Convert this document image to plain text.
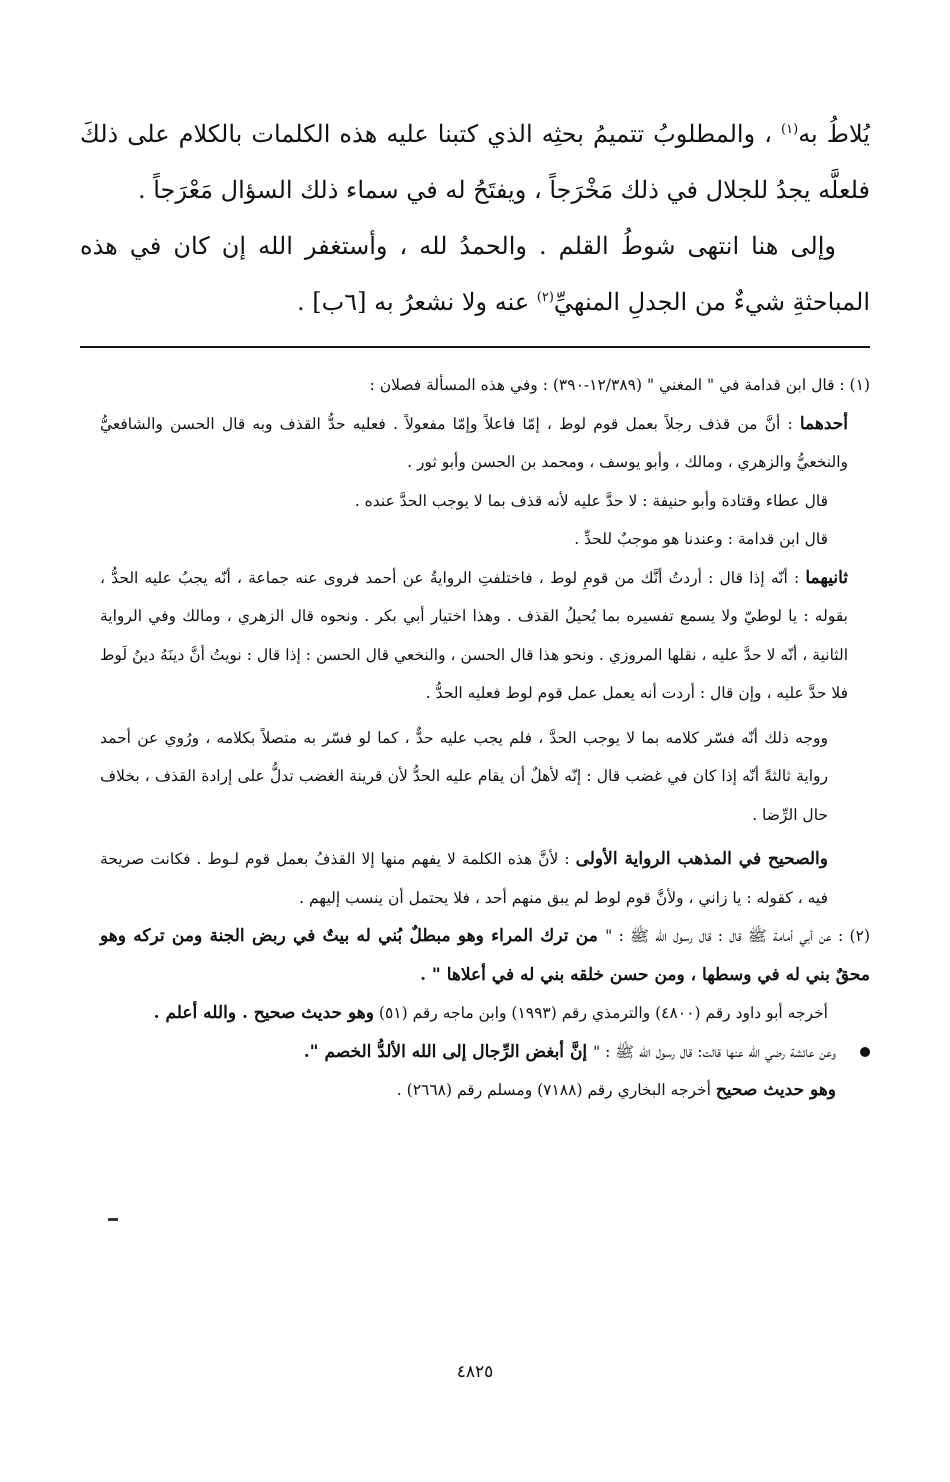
يُلاطُ به$^{(١)}$ ، والمطلوبُ تتميمُ بحثِه الذي كتبنا عليه هذه الكلمات بالكلام على ذلكَ فلعلَّه يجدُ للجلال في ذلك مَخْرَجاً ، ويفتَحُ له في سماء ذلك السؤال مَعْرَجاً .

وإلى هنا انتهى شوطُ القلم . والحمدُ لله ، وأستغفر الله إن كان في هذه المباحثةِ شيءٌ من الجدلِ المنهيِّ$^{(٢)}$ عنه ولا نشعرُ به [٦ب] .

(١) : قال ابن قدامة في " المغني " (١٢/٣٨٩-٣٩٠) : وفي هذه المسألة فصلان :

أحدهما : أنَّ من قذف رجلاً بعمل قوم لوط ، إمّا فاعلاً وإمّا مفعولاً . فعليه حدُّ القذف وبه قال الحسن والشافعيُّ والنخعيُّ والزهري ، ومالك ، وأبو يوسف ، ومحمد بن الحسن وأبو ثور .

قال عطاء وقتادة وأبو حنيفة : لا حدَّ عليه لأنه قذف بما لا يوجب الحدَّ عنده .

قال ابن قدامة : وعندنا هو موجبٌ للحدِّ .

ثانيهما : أنّه إذا قال : أردتُ أنَّك من قومِ لوط ، فاختلفتِ الروايةُ عن أحمد فروى عنه جماعة ، أنّه يجبُ عليه الحدُّ ، بقوله : يا لوطيّ ولا يسمع تفسيره بما يُحيلُ القذف . وهذا اختيار أبي بكر . ونحوه قال الزهري ، ومالك وفي الرواية الثانية ، أنّه لا حدَّ عليه ، نقلها المروزي . ونحو هذا قال الحسن ، والنخعي قال الحسن : إذا قال : نويتُ أنَّ دينَهُ دينُ لَوط فلا حدَّ عليه ، وإن قال : أردت أنه يعمل عمل قوم لوط فعليه الحدُّ .

ووجه ذلك أنّه فسّر كلامه بما لا يوجب الحدَّ ، فلم يجب عليه حدٌّ ، كما لو فسّر به متصلاً بكلامه ، ورُوي عن أحمد رواية ثالثةً أنّه إذا كان في غضب قال : إنّه لأهلٌ أن يقام عليه الحدُّ لأن قرينة الغضب تدلُّ على إرادة القذف ، بخلاف حال الرِّضا .

والصحيح في المذهب الرواية الأولى : لأنَّ هذه الكلمة لا يفهم منها إلا القذفُ بعمل قوم لـوط . فكانت صريحة فيه ، كقوله : يا زاني ، ولأنَّ قوم لوط لم يبق منهم أحد ، فلا يحتمل أن ينسب إليهم .

(٢) : عن أبي أمامة ﷺ قال : قال رسول الله ﷺ : " من ترك المراء وهو مبطلٌ بُني له بيتٌ في ربض الجنة ومن تركه وهو محقٌ بني له في وسطها ، ومن حسن خلقه بني له في أعلاها " .

أخرجه أبو داود رقم (٤٨٠٠) والترمذي رقم (١٩٩٣) وابن ماجه رقم (٥١) وهو حديث صحيح . والله أعلم .

وعن عائشة رضي الله عنها قالت: قال رسول الله ﷺ : " إنَّ أبغض الرِّجال إلى الله الألدُّ الخصم ".

وهو حديث صحيح أخرجه البخاري رقم (٧١٨٨) ومسلم رقم (٢٦٦٨) .

٤٨٢٥
